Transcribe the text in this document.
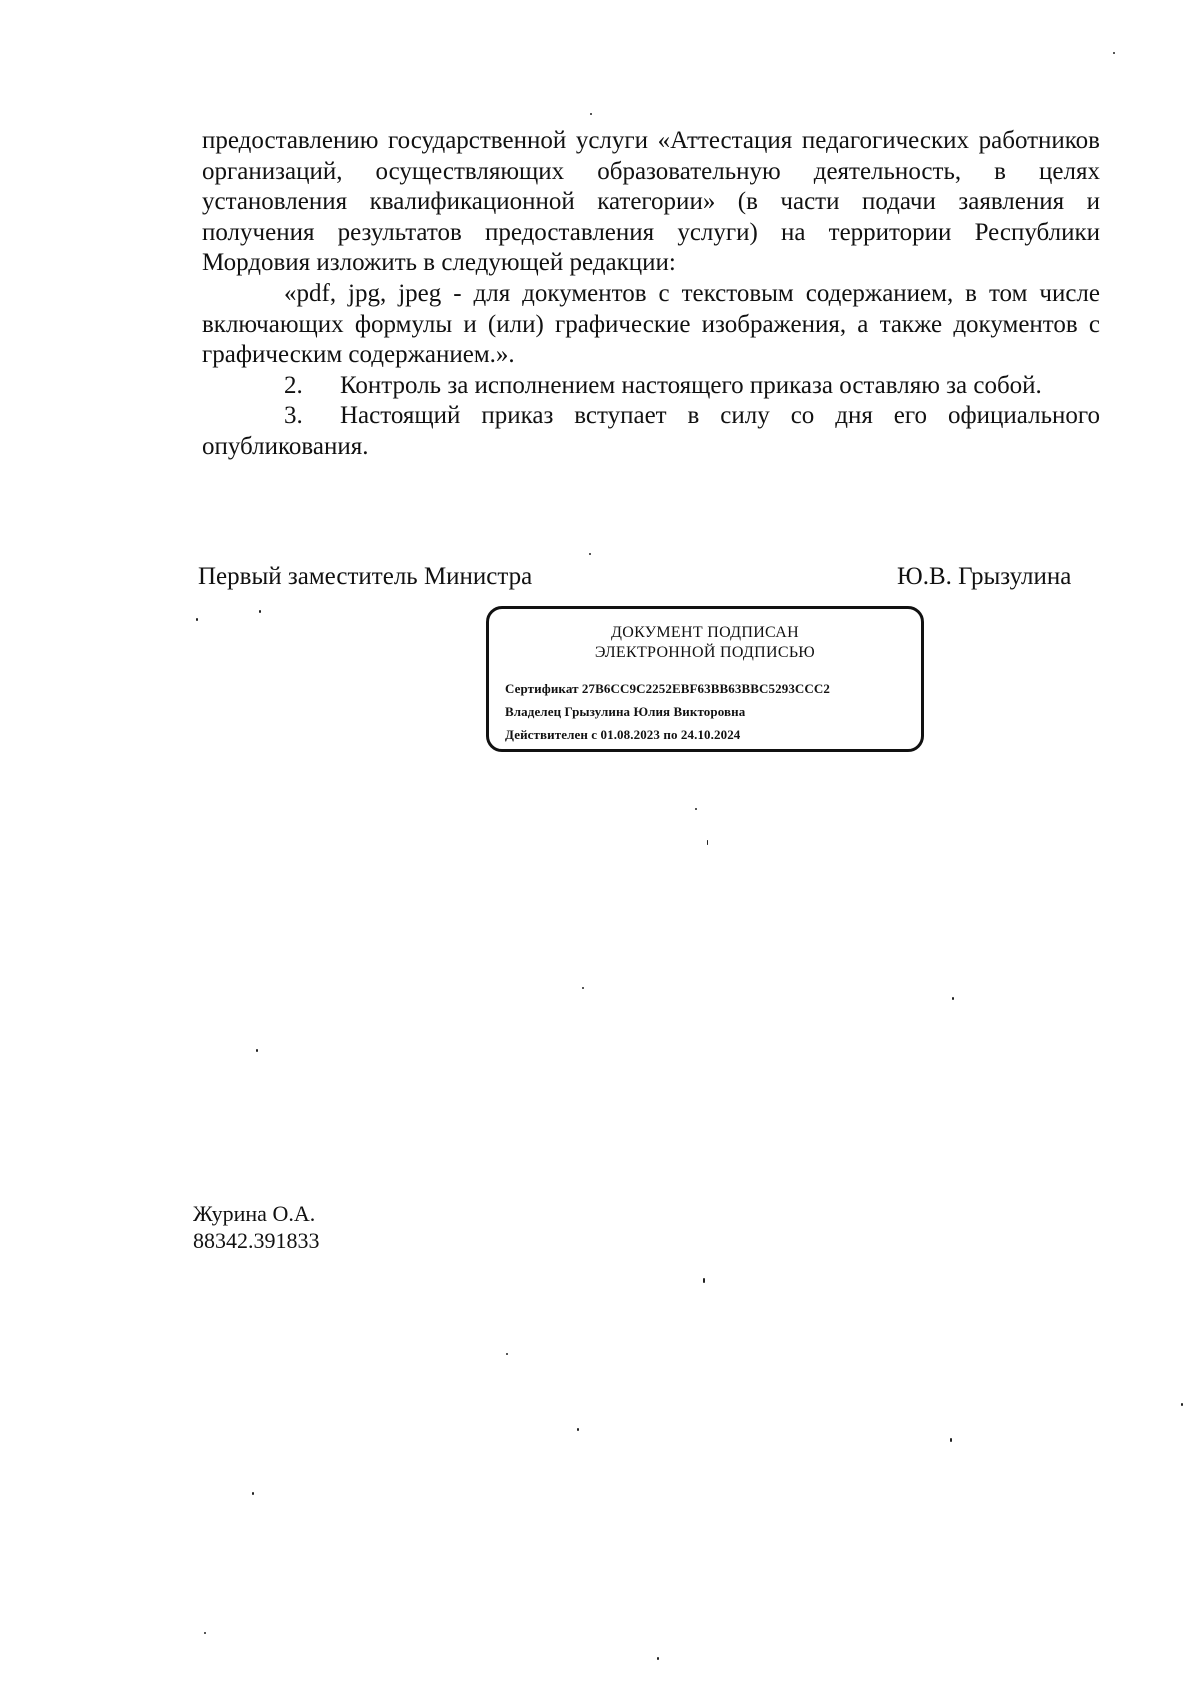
предоставлению государственной услуги «Аттестация педагогических работников организаций, осуществляющих образовательную деятельность, в целях установления квалификационной категории» (в части подачи заявления и получения результатов предоставления услуги) на территории Республики Мордовия изложить в следующей редакции:

«pdf, jpg, jpeg - для документов с текстовым содержанием, в том числе включающих формулы и (или) графические изображения, а также документов с графическим содержанием.».

2. Контроль за исполнением настоящего приказа оставляю за собой.

3. Настоящий приказ вступает в силу со дня его официального опубликования.

Первый заместитель Министра	Ю.В. Грызулина
ДОКУМЕНТ ПОДПИСАН
ЭЛЕКТРОННОЙ ПОДПИСЬЮ
Сертификат 27B6CC9C2252EBF63BB63BBC5293CCC2
Владелец Грызулина Юлия Викторовна
Действителен с 01.08.2023 по 24.10.2024
Журина О.А.
88342.391833
